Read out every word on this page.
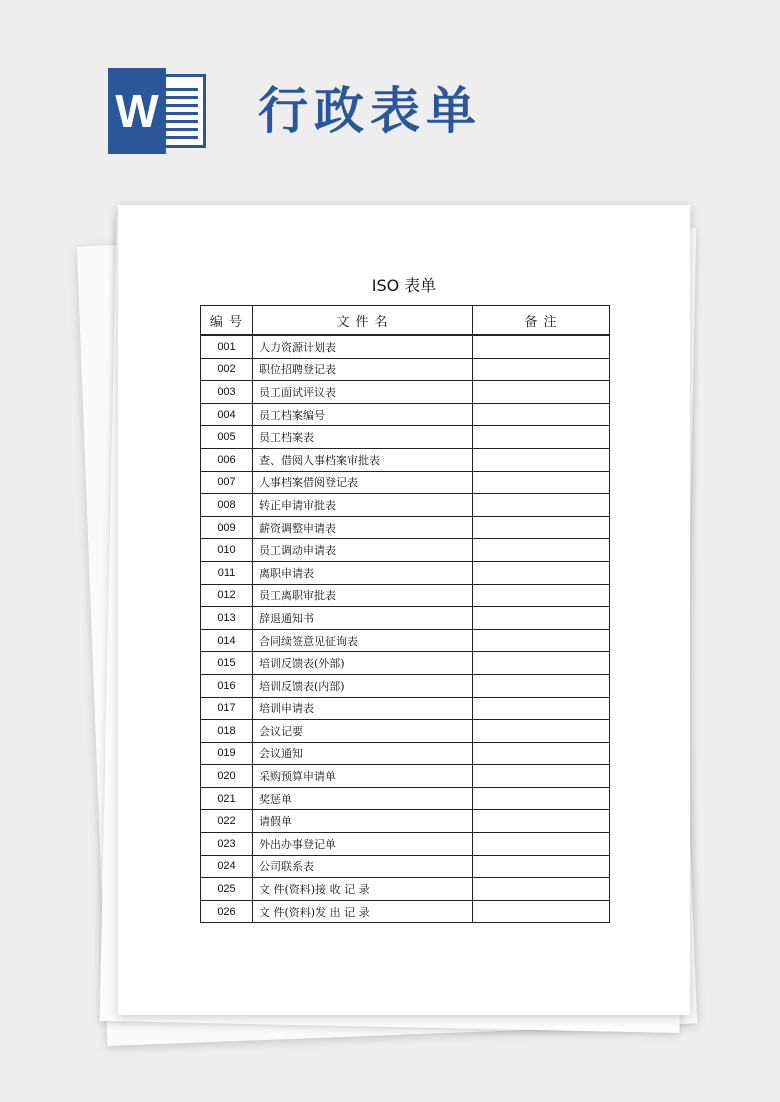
W 行政表单
ISO 表单
编 号	文 件 名	备 注
001	人力资源计划表	
002	职位招聘登记表	
003	员工面试评议表	
004	员工档案编号	
005	员工档案表	
006	查、借阅人事档案审批表	
007	人事档案借阅登记表	
008	转正申请审批表	
009	薪资调整申请表	
010	员工调动申请表	
011	离职申请表	
012	员工离职审批表	
013	辞退通知书	
014	合同续签意见征询表	
015	培训反馈表(外部)	
016	培训反馈表(内部)	
017	培训申请表	
018	会议记要	
019	会议通知	
020	采购预算申请单	
021	奖惩单	
022	请假单	
023	外出办事登记单	
024	公司联系表	
025	文 件(资料)接 收 记 录	
026	文 件(资料)发 出 记 录	
